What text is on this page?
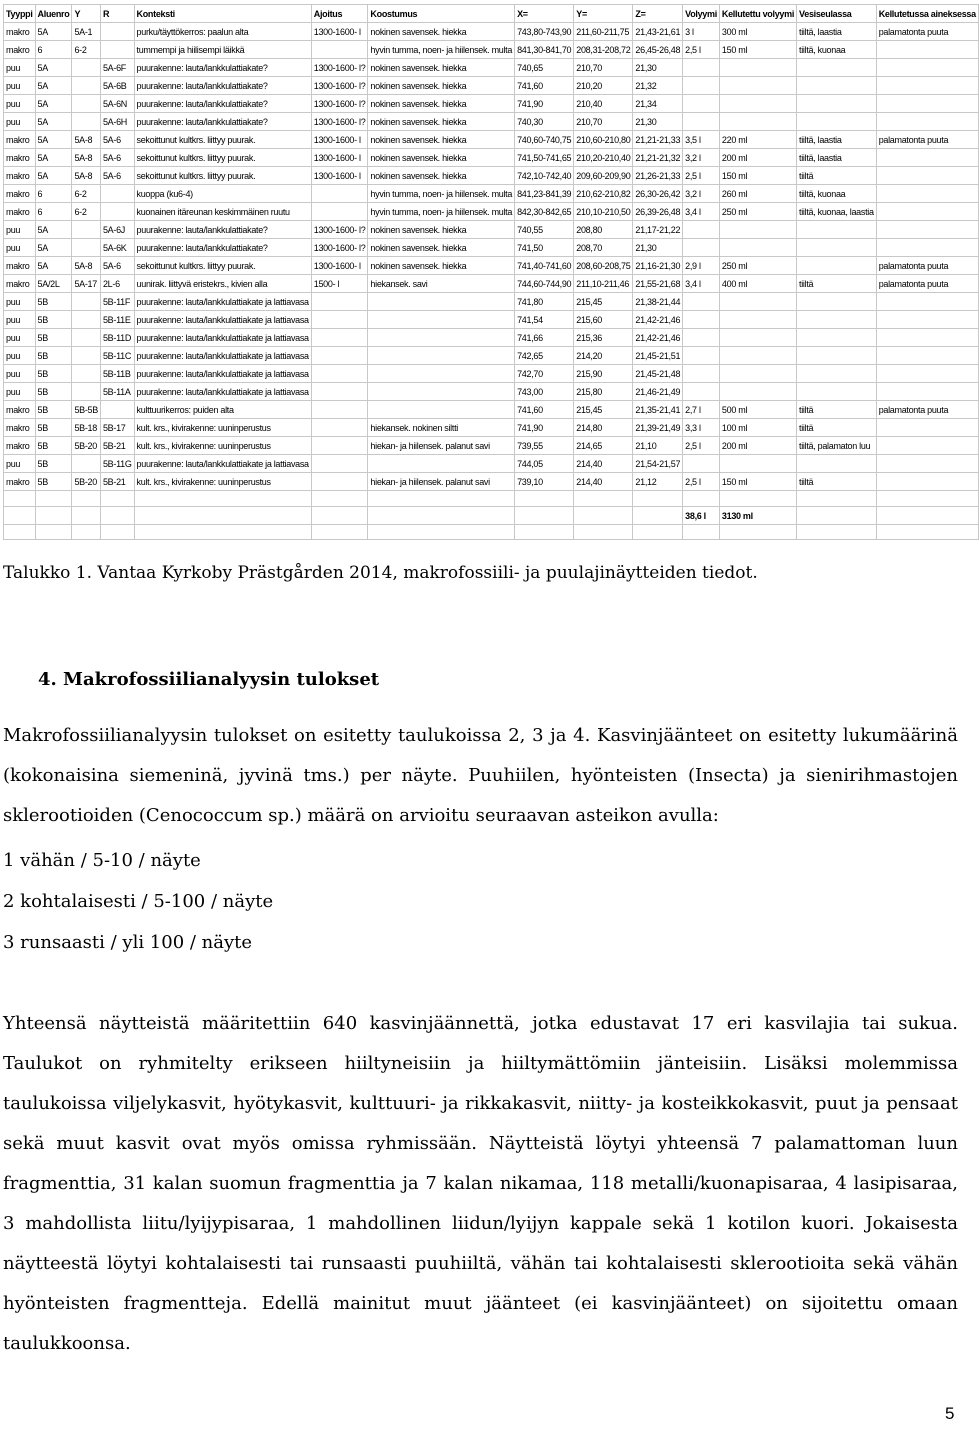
Tyyppi	Aluenro	Y	R	Konteksti	Ajoitus	Koostumus	X=	Y=	Z=	Volyymi	Kellutettu volyymi	Vesiseulassa	Kellutetussa aineksessa
makro	5A	5A-1		purku/täyttökerros: paalun alta	1300-1600- l	nokinen savensek. hiekka	743,80-743,90	211,60-211,75	21,43-21,61	3 l	300 ml	tiiltä, laastia	palamatonta puuta
makro	6	6-2		tummempi ja hiilisempi läikkä		hyvin tumma, noen- ja hiilensek. multa	841,30-841,70	208,31-208,72	26,45-26,48	2,5 l	150 ml	tiiltä, kuonaa	
puu	5A		5A-6F	puurakenne: lauta/lankkulattiakate?	1300-1600- l?	nokinen savensek. hiekka	740,65	210,70	21,30				
puu	5A		5A-6B	puurakenne: lauta/lankkulattiakate?	1300-1600- l?	nokinen savensek. hiekka	741,60	210,20	21,32				
puu	5A		5A-6N	puurakenne: lauta/lankkulattiakate?	1300-1600- l?	nokinen savensek. hiekka	741,90	210,40	21,34				
puu	5A		5A-6H	puurakenne: lauta/lankkulattiakate?	1300-1600- l?	nokinen savensek. hiekka	740,30	210,70	21,30				
makro	5A	5A-8	5A-6	sekoittunut kultkrs. liittyy puurak.	1300-1600- l	nokinen savensek. hiekka	740,60-740,75	210,60-210,80	21,21-21,33	3,5 l	220 ml	tiiltä, laastia	palamatonta puuta
makro	5A	5A-8	5A-6	sekoittunut kultkrs. liittyy puurak.	1300-1600- l	nokinen savensek. hiekka	741,50-741,65	210,20-210,40	21,21-21,32	3,2 l	200 ml	tiiltä, laastia	
makro	5A	5A-8	5A-6	sekoittunut kultkrs. liittyy puurak.	1300-1600- l	nokinen savensek. hiekka	742,10-742,40	209,60-209,90	21,26-21,33	2,5 l	150 ml	tiiltä	
makro	6	6-2		kuoppa (ku6-4)		hyvin tumma, noen- ja hiilensek. multa	841,23-841,39	210,62-210,82	26,30-26,42	3,2 l	260 ml	tiiltä, kuonaa	
makro	6	6-2		kuonainen itäreunan keskimmäinen ruutu		hyvin tumma, noen- ja hiilensek. multa	842,30-842,65	210,10-210,50	26,39-26,48	3,4 l	250 ml	tiiltä, kuonaa, laastia	
puu	5A		5A-6J	puurakenne: lauta/lankkulattiakate?	1300-1600- l?	nokinen savensek. hiekka	740,55	208,80	21,17-21,22				
puu	5A		5A-6K	puurakenne: lauta/lankkulattiakate?	1300-1600- l?	nokinen savensek. hiekka	741,50	208,70	21,30				
makro	5A	5A-8	5A-6	sekoittunut kultkrs. liittyy puurak.	1300-1600- l	nokinen savensek. hiekka	741,40-741,60	208,60-208,75	21,16-21,30	2,9 l	250 ml		palamatonta puuta
makro	5A/2L	5A-17	2L-6	uunirak. liittyvä eristekrs., kivien alla	1500- l	hiekansek. savi	744,60-744,90	211,10-211,46	21,55-21,68	3,4 l	400 ml	tiiltä	palamatonta puuta
puu	5B		5B-11F	puurakenne: lauta/lankkulattiakate ja lattiavasa			741,80	215,45	21,38-21,44				
puu	5B		5B-11E	puurakenne: lauta/lankkulattiakate ja lattiavasa			741,54	215,60	21,42-21,46				
puu	5B		5B-11D	puurakenne: lauta/lankkulattiakate ja lattiavasa			741,66	215,36	21,42-21,46				
puu	5B		5B-11C	puurakenne: lauta/lankkulattiakate ja lattiavasa			742,65	214,20	21,45-21,51				
puu	5B		5B-11B	puurakenne: lauta/lankkulattiakate ja lattiavasa			742,70	215,90	21,45-21,48				
puu	5B		5B-11A	puurakenne: lauta/lankkulattiakate ja lattiavasa			743,00	215,80	21,46-21,49				
makro	5B	5B-5B		kulttuurikerros: puiden alta			741,60	215,45	21,35-21,41	2,7 l	500 ml	tiiltä	palamatonta puuta
makro	5B	5B-18	5B-17	kult. krs., kivirakenne: uuninperustus		hiekansek. nokinen siltti	741,90	214,80	21,39-21,49	3,3 l	100 ml	tiiltä	
makro	5B	5B-20	5B-21	kult. krs., kivirakenne: uuninperustus		hiekan- ja hiilensek. palanut savi	739,55	214,65	21,10	2,5 l	200 ml	tiiltä, palamaton luu	
puu	5B		5B-11G	puurakenne: lauta/lankkulattiakate ja lattiavasa			744,05	214,40	21,54-21,57				
makro	5B	5B-20	5B-21	kult. krs., kivirakenne: uuninperustus		hiekan- ja hiilensek. palanut savi	739,10	214,40	21,12	2,5 l	150 ml	tiiltä	

										38,6 l	3130 ml		

Talukko 1. Vantaa Kyrkoby Prästgården 2014, makrofossiili- ja puulajinäytteiden tiedot.
4. Makrofossiilianalyysin tulokset

Makrofossiilianalyysin tulokset on esitetty taulukoissa 2, 3 ja 4. Kasvinjäänteet on esitetty lukumäärinä (kokonaisina siemeninä, jyvinä tms.) per näyte. Puuhiilen, hyönteisten (Insecta) ja sienirihmastojen sklerootioiden (Cenococcum sp.) määrä on arvioitu seuraavan asteikon avulla:

1 vähän / 5-10 / näyte
2 kohtalaisesti / 5-100 / näyte
3 runsaasti / yli 100 / näyte

Yhteensä näytteistä määritettiin 640 kasvinjäännettä, jotka edustavat 17 eri kasvilajia tai sukua. Taulukot on ryhmitelty erikseen hiiltyneisiin ja hiiltymättömiin jänteisiin. Lisäksi molemmissa taulukoissa viljelykasvit, hyötykasvit, kulttuuri- ja rikkakasvit, niitty- ja kosteikkokasvit, puut ja pensaat sekä muut kasvit ovat myös omissa ryhmissään. Näytteistä löytyi yhteensä 7 palamattoman luun fragmenttia, 31 kalan suomun fragmenttia ja 7 kalan nikamaa, 118 metalli/kuonapisaraa, 4 lasipisaraa, 3 mahdollista liitu/lyijypisaraa, 1 mahdollinen liidun/lyijyn kappale sekä 1 kotilon kuori. Jokaisesta näytteestä löytyi kohtalaisesti tai runsaasti puuhiiltä, vähän tai kohtalaisesti sklerootioita sekä vähän hyönteisten fragmentteja. Edellä mainitut muut jäänteet (ei kasvinjäänteet) on sijoitettu omaan taulukkoonsa.

5
